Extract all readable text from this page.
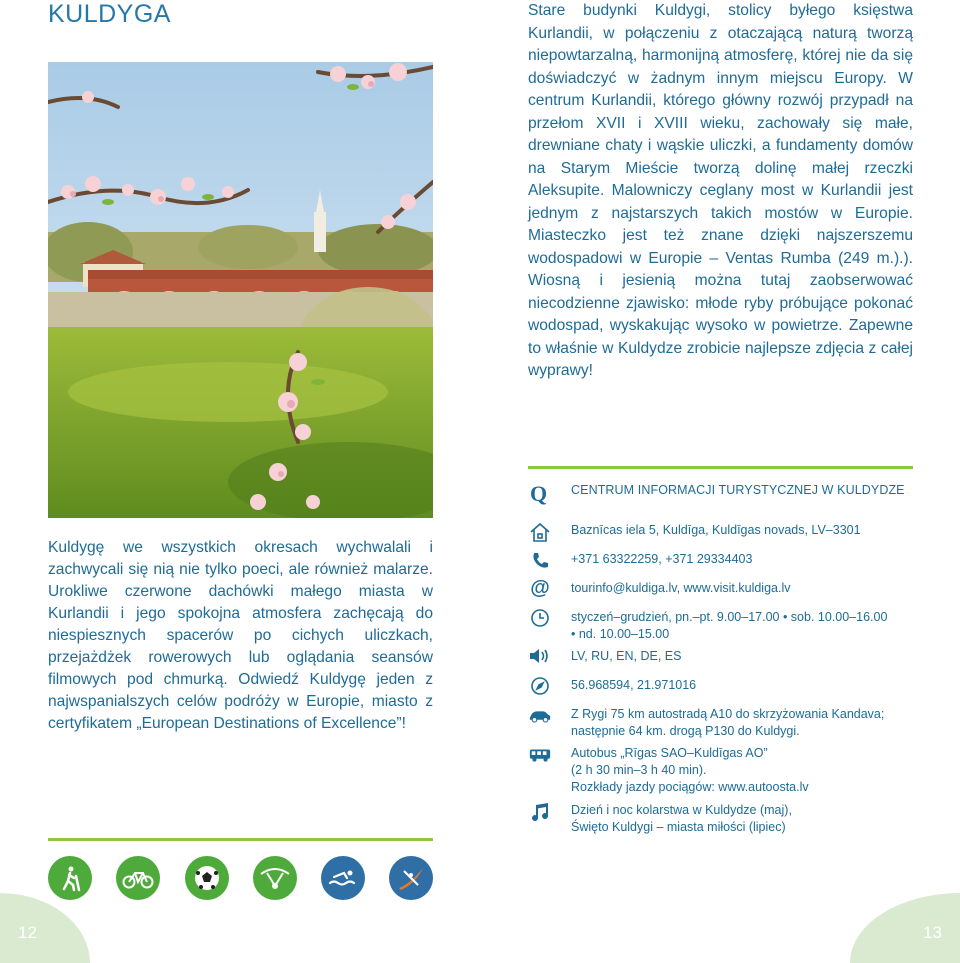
KULDYGA
Kuldygę we wszystkich okresach wychwalali i zachwycali się nią nie tylko poeci, ale również malarze. Urokliwe czerwone dachówki małego miasta w Kurlandii i jego spokojna atmosfera zachęcają do niespiesznych spacerów po cichych uliczkach, przejażdżek rowerowych lub oglądania seansów filmowych pod chmurką. Odwiedź Kuldygę jeden z najwspanialszych celów podróży w Europie, miasto z certyfikatem „European Destinations of Excellence”!
Stare budynki Kuldygi, stolicy byłego księstwa Kurlandii, w połączeniu z otaczającą naturą tworzą niepowtarzalną, harmonijną atmosferę, której nie da się doświadczyć w żadnym innym miejscu Europy. W centrum Kurlandii, którego główny rozwój przypadł na przełom XVII i XVIII wieku, zachowały się małe, drewniane chaty i wąskie uliczki, a fundamenty domów na Starym Mieście tworzą dolinę małej rzeczki Aleksupite. Malowniczy ceglany most w Kurlandii jest jednym z najstarszych takich mostów w Europie. Miasteczko jest też znane dzięki najszerszemu wodospadowi w Europie – Ventas Rumba (249 m.).). Wiosną i jesienią można tutaj zaobserwować niecodzienne zjawisko: młode ryby próbujące pokonać wodospad, wyskakując wysoko w powietrze. Zapewne to właśnie w Kuldydze zrobicie najlepsze zdjęcia z całej wyprawy!
Q CENTRUM INFORMACJI TURYSTYCZNEJ W KULDYDZE
Baznīcas iela 5, Kuldīga, Kuldīgas novads, LV–3301
+371 63322259, +371 29334403
@ tourinfo@kuldiga.lv, www.visit.kuldiga.lv
styczeń–grudzień, pn.–pt. 9.00–17.00 • sob. 10.00–16.00
• nd. 10.00–15.00
LV, RU, EN, DE, ES
56.968594, 21.971016
Z Rygi 75 km autostradą A10 do skrzyżowania Kandava;
następnie 64 km. drogą P130 do Kuldygi.
Autobus „Rīgas SAO–Kuldīgas AO”
(2 h 30 min–3 h 40 min).
Rozkłady jazdy pociągów: www.autoosta.lv
Dzień i noc kolarstwa w Kuldydze (maj),
Święto Kuldygi – miasta miłości (lipiec)
12	13
